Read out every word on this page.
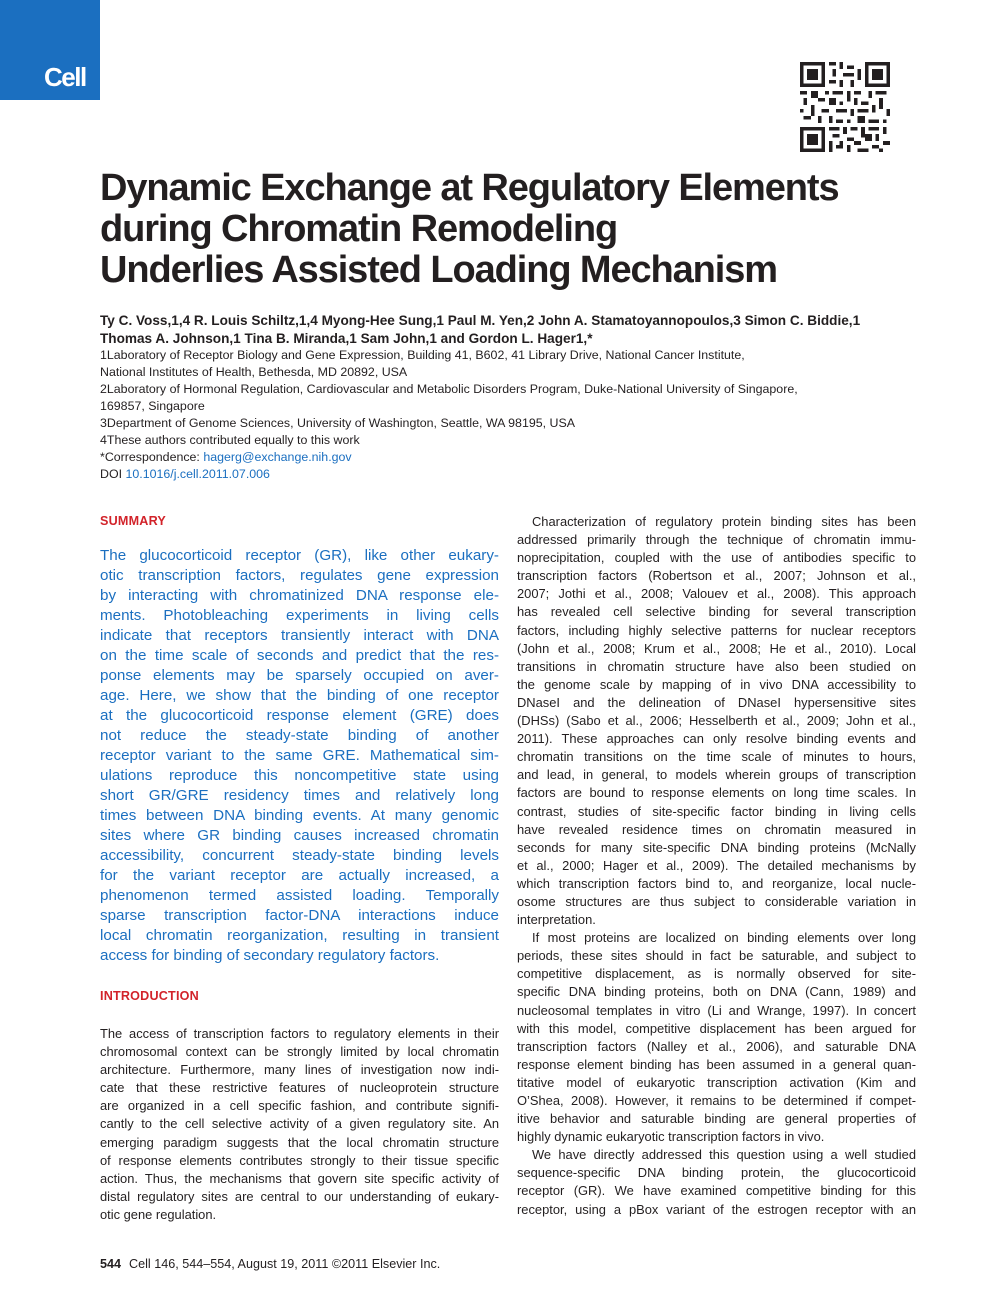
Cell
Dynamic Exchange at Regulatory Elements
during Chromatin Remodeling
Underlies Assisted Loading Mechanism
Ty C. Voss,1,4 R. Louis Schiltz,1,4 Myong-Hee Sung,1 Paul M. Yen,2 John A. Stamatoyannopoulos,3 Simon C. Biddie,1
Thomas A. Johnson,1 Tina B. Miranda,1 Sam John,1 and Gordon L. Hager1,*
1Laboratory of Receptor Biology and Gene Expression, Building 41, B602, 41 Library Drive, National Cancer Institute,
National Institutes of Health, Bethesda, MD 20892, USA
2Laboratory of Hormonal Regulation, Cardiovascular and Metabolic Disorders Program, Duke-National University of Singapore,
169857, Singapore
3Department of Genome Sciences, University of Washington, Seattle, WA 98195, USA
4These authors contributed equally to this work
*Correspondence: hagerg@exchange.nih.gov
DOI 10.1016/j.cell.2011.07.006
SUMMARY
The glucocorticoid receptor (GR), like other eukary-
otic transcription factors, regulates gene expression
by interacting with chromatinized DNA response ele-
ments. Photobleaching experiments in living cells
indicate that receptors transiently interact with DNA
on the time scale of seconds and predict that the res-
ponse elements may be sparsely occupied on aver-
age. Here, we show that the binding of one receptor
at the glucocorticoid response element (GRE) does
not reduce the steady-state binding of another
receptor variant to the same GRE. Mathematical sim-
ulations reproduce this noncompetitive state using
short GR/GRE residency times and relatively long
times between DNA binding events. At many genomic
sites where GR binding causes increased chromatin
accessibility, concurrent steady-state binding levels
for the variant receptor are actually increased, a
phenomenon termed assisted loading. Temporally
sparse transcription factor-DNA interactions induce
local chromatin reorganization, resulting in transient
access for binding of secondary regulatory factors.
INTRODUCTION
The access of transcription factors to regulatory elements in their
chromosomal context can be strongly limited by local chromatin
architecture. Furthermore, many lines of investigation now indi-
cate that these restrictive features of nucleoprotein structure
are organized in a cell specific fashion, and contribute signifi-
cantly to the cell selective activity of a given regulatory site. An
emerging paradigm suggests that the local chromatin structure
of response elements contributes strongly to their tissue specific
action. Thus, the mechanisms that govern site specific activity of
distal regulatory sites are central to our understanding of eukary-
otic gene regulation.
Characterization of regulatory protein binding sites has been
addressed primarily through the technique of chromatin immu-
noprecipitation, coupled with the use of antibodies specific to
transcription factors (Robertson et al., 2007; Johnson et al.,
2007; Jothi et al., 2008; Valouev et al., 2008). This approach
has revealed cell selective binding for several transcription
factors, including highly selective patterns for nuclear receptors
(John et al., 2008; Krum et al., 2008; He et al., 2010). Local
transitions in chromatin structure have also been studied on
the genome scale by mapping of in vivo DNA accessibility to
DNaseI and the delineation of DNaseI hypersensitive sites
(DHSs) (Sabo et al., 2006; Hesselberth et al., 2009; John et al.,
2011). These approaches can only resolve binding events and
chromatin transitions on the time scale of minutes to hours,
and lead, in general, to models wherein groups of transcription
factors are bound to response elements on long time scales. In
contrast, studies of site-specific factor binding in living cells
have revealed residence times on chromatin measured in
seconds for many site-specific DNA binding proteins (McNally
et al., 2000; Hager et al., 2009). The detailed mechanisms by
which transcription factors bind to, and reorganize, local nucle-
osome structures are thus subject to considerable variation in
interpretation.
If most proteins are localized on binding elements over long
periods, these sites should in fact be saturable, and subject to
competitive displacement, as is normally observed for site-
specific DNA binding proteins, both on DNA (Cann, 1989) and
nucleosomal templates in vitro (Li and Wrange, 1997). In concert
with this model, competitive displacement has been argued for
transcription factors (Nalley et al., 2006), and saturable DNA
response element binding has been assumed in a general quan-
titative model of eukaryotic transcription activation (Kim and
O’Shea, 2008). However, it remains to be determined if compet-
itive behavior and saturable binding are general properties of
highly dynamic eukaryotic transcription factors in vivo.
We have directly addressed this question using a well studied
sequence-specific DNA binding protein, the glucocorticoid
receptor (GR). We have examined competitive binding for this
receptor, using a pBox variant of the estrogen receptor with an
544 Cell 146, 544–554, August 19, 2011 ©2011 Elsevier Inc.
